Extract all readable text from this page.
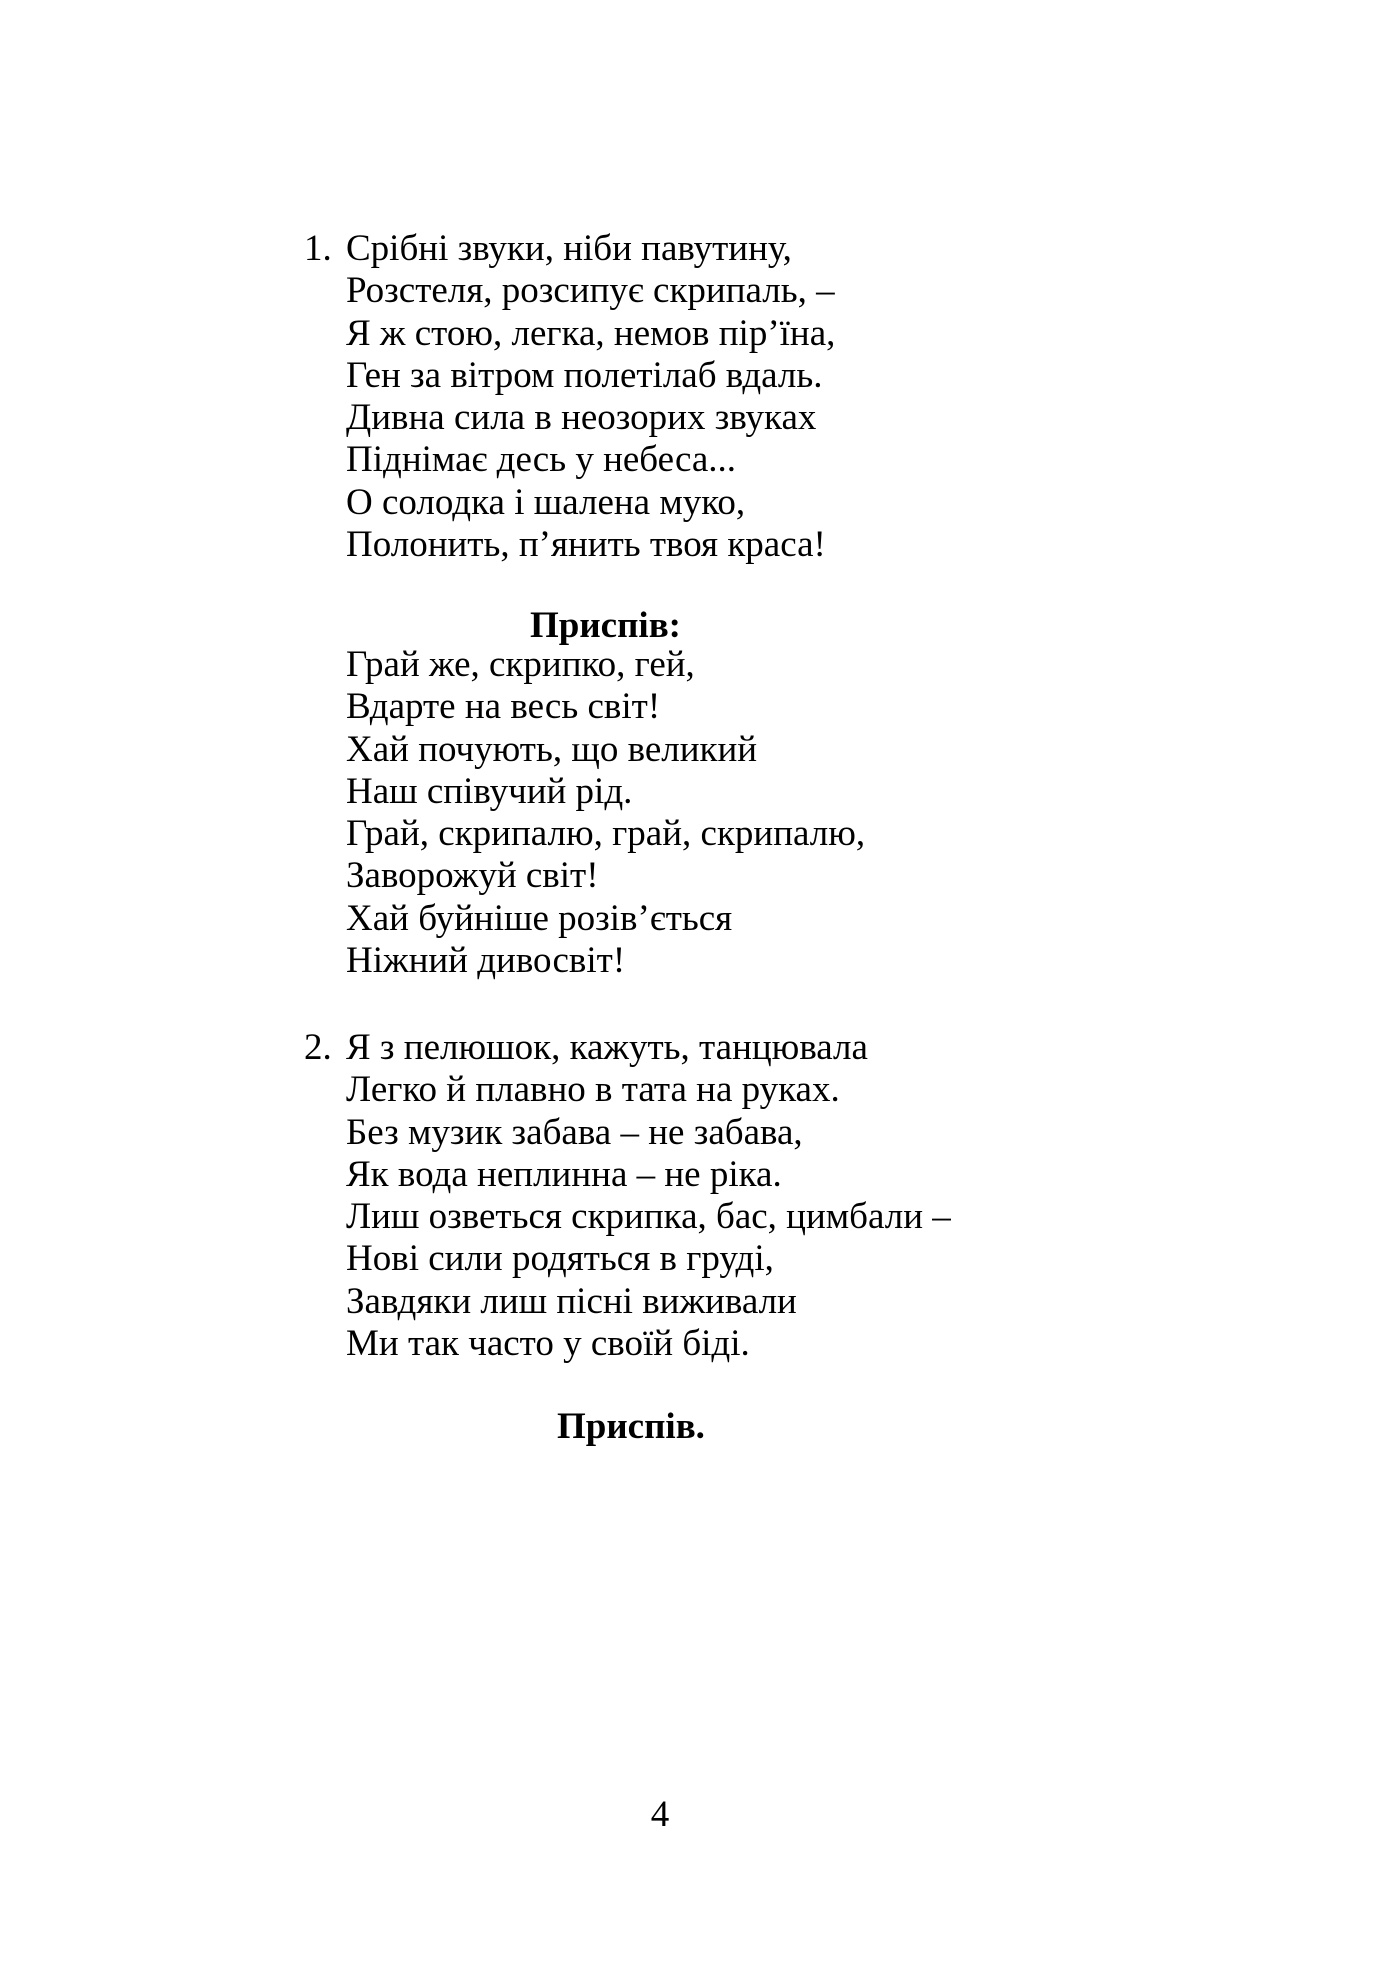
1. Срібні звуки, ніби павутину,
Розстеля, розсипує скрипаль, –
Я ж стою, легка, немов пір’їна,
Ген за вітром полетілаб вдаль.
Дивна сила в неозорих звуках
Піднімає десь у небеса...
О солодка і шалена муко,
Полонить, п’янить твоя краса!
Приспів:
Грай же, скрипко, гей,
Вдарте на весь світ!
Хай почують, що великий
Наш співучий рід.
Грай, скрипалю, грай, скрипалю,
Заворожуй світ!
Хай буйніше розів’ється
Ніжний дивосвіт!
2. Я з пелюшок, кажуть, танцювала
Легко й плавно в тата на руках.
Без музик забава – не забава,
Як вода неплинна – не ріка.
Лиш озветься скрипка, бас, цимбали –
Нові сили родяться в груді,
Завдяки лиш пісні виживали
Ми так часто у своїй біді.
Приспів.
4
